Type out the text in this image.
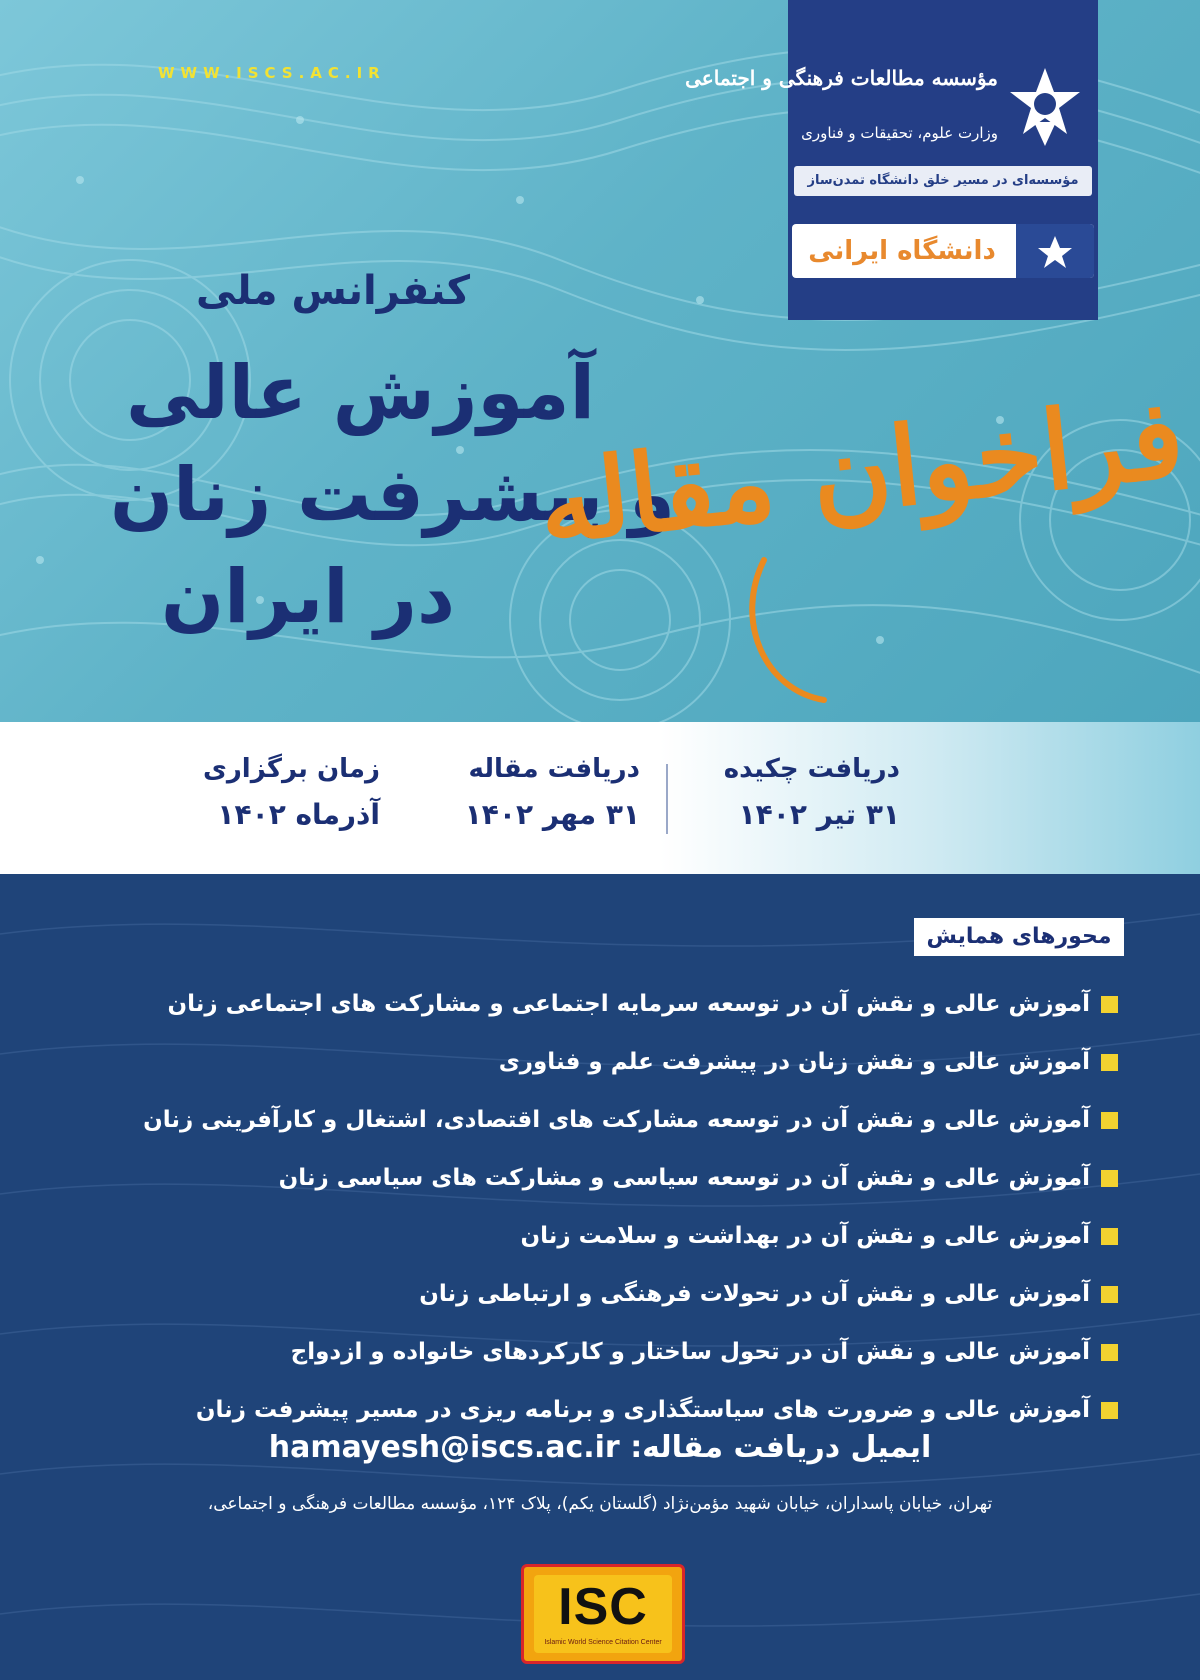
WWW.ISCS.AC.IR	مؤسسه مطالعات فرهنگی و اجتماعی
وزارت علوم، تحقیقات و فناوری
مؤسسه‌ای در مسیر خلق دانشگاه تمدن‌ساز
دانشگاه ایرانی
کنفرانس ملی
آموزش عالی
و پیشرفت زنان
در ایران
فراخوان مقاله
دریافت چکیده
۳۱ تیر ۱۴۰۲
دریافت مقاله
۳۱ مهر ۱۴۰۲
زمان برگزاری
آذرماه ۱۴۰۲
محورهای همایش
آموزش عالی و نقش آن در توسعه سرمایه اجتماعی و مشارکت های اجتماعی زنان
آموزش عالی و نقش زنان در پیشرفت علم و فناوری
آموزش عالی و نقش آن در توسعه مشارکت های اقتصادی، اشتغال و کارآفرینی زنان
آموزش عالی و نقش آن در توسعه سیاسی و مشارکت های سیاسی زنان
آموزش عالی و نقش آن در بهداشت و سلامت زنان
آموزش عالی و نقش آن در تحولات فرهنگی و ارتباطی زنان
آموزش عالی و نقش آن در تحول ساختار و کارکردهای خانواده و ازدواج
آموزش عالی و ضرورت های سیاستگذاری و برنامه ریزی در مسیر پیشرفت زنان
ایمیل دریافت مقاله: hamayesh@iscs.ac.ir
تهران، خیابان پاسداران، خیابان شهید مؤمن‌نژاد (گلستان یکم)، پلاک ۱۲۴، مؤسسه مطالعات فرهنگی و اجتماعی،
ISC
Islamic World Science Citation Center
